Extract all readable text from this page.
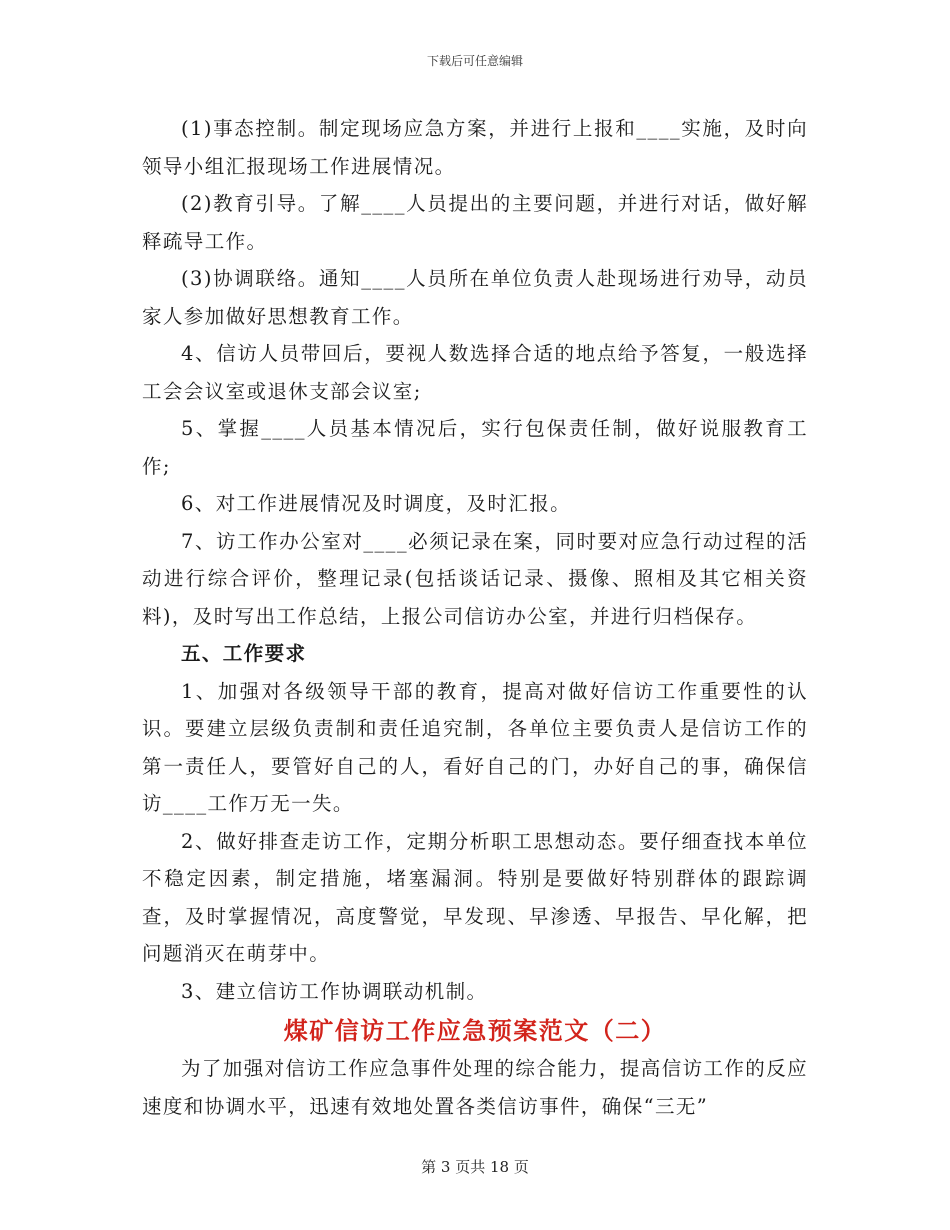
下载后可任意编辑

(1)事态控制。制定现场应急方案，并进行上报和____实施，及时向领导小组汇报现场工作进展情况。

(2)教育引导。了解____人员提出的主要问题，并进行对话，做好解释疏导工作。

(3)协调联络。通知____人员所在单位负责人赴现场进行劝导，动员家人参加做好思想教育工作。

4、信访人员带回后，要视人数选择合适的地点给予答复，一般选择工会会议室或退休支部会议室;

5、掌握____人员基本情况后，实行包保责任制，做好说服教育工作;

6、对工作进展情况及时调度，及时汇报。

7、访工作办公室对____必须记录在案，同时要对应急行动过程的活动进行综合评价，整理记录(包括谈话记录、摄像、照相及其它相关资料)，及时写出工作总结，上报公司信访办公室，并进行归档保存。

五、工作要求

1、加强对各级领导干部的教育，提高对做好信访工作重要性的认识。要建立层级负责制和责任追究制，各单位主要负责人是信访工作的第一责任人，要管好自己的人，看好自己的门，办好自己的事，确保信访____工作万无一失。

2、做好排查走访工作，定期分析职工思想动态。要仔细查找本单位不稳定因素，制定措施，堵塞漏洞。特别是要做好特别群体的跟踪调查，及时掌握情况，高度警觉，早发现、早渗透、早报告、早化解，把问题消灭在萌芽中。

3、建立信访工作协调联动机制。

煤矿信访工作应急预案范文（二）

为了加强对信访工作应急事件处理的综合能力，提高信访工作的反应速度和协调水平，迅速有效地处置各类信访事件，确保“三无”

第 3 页共 18 页
